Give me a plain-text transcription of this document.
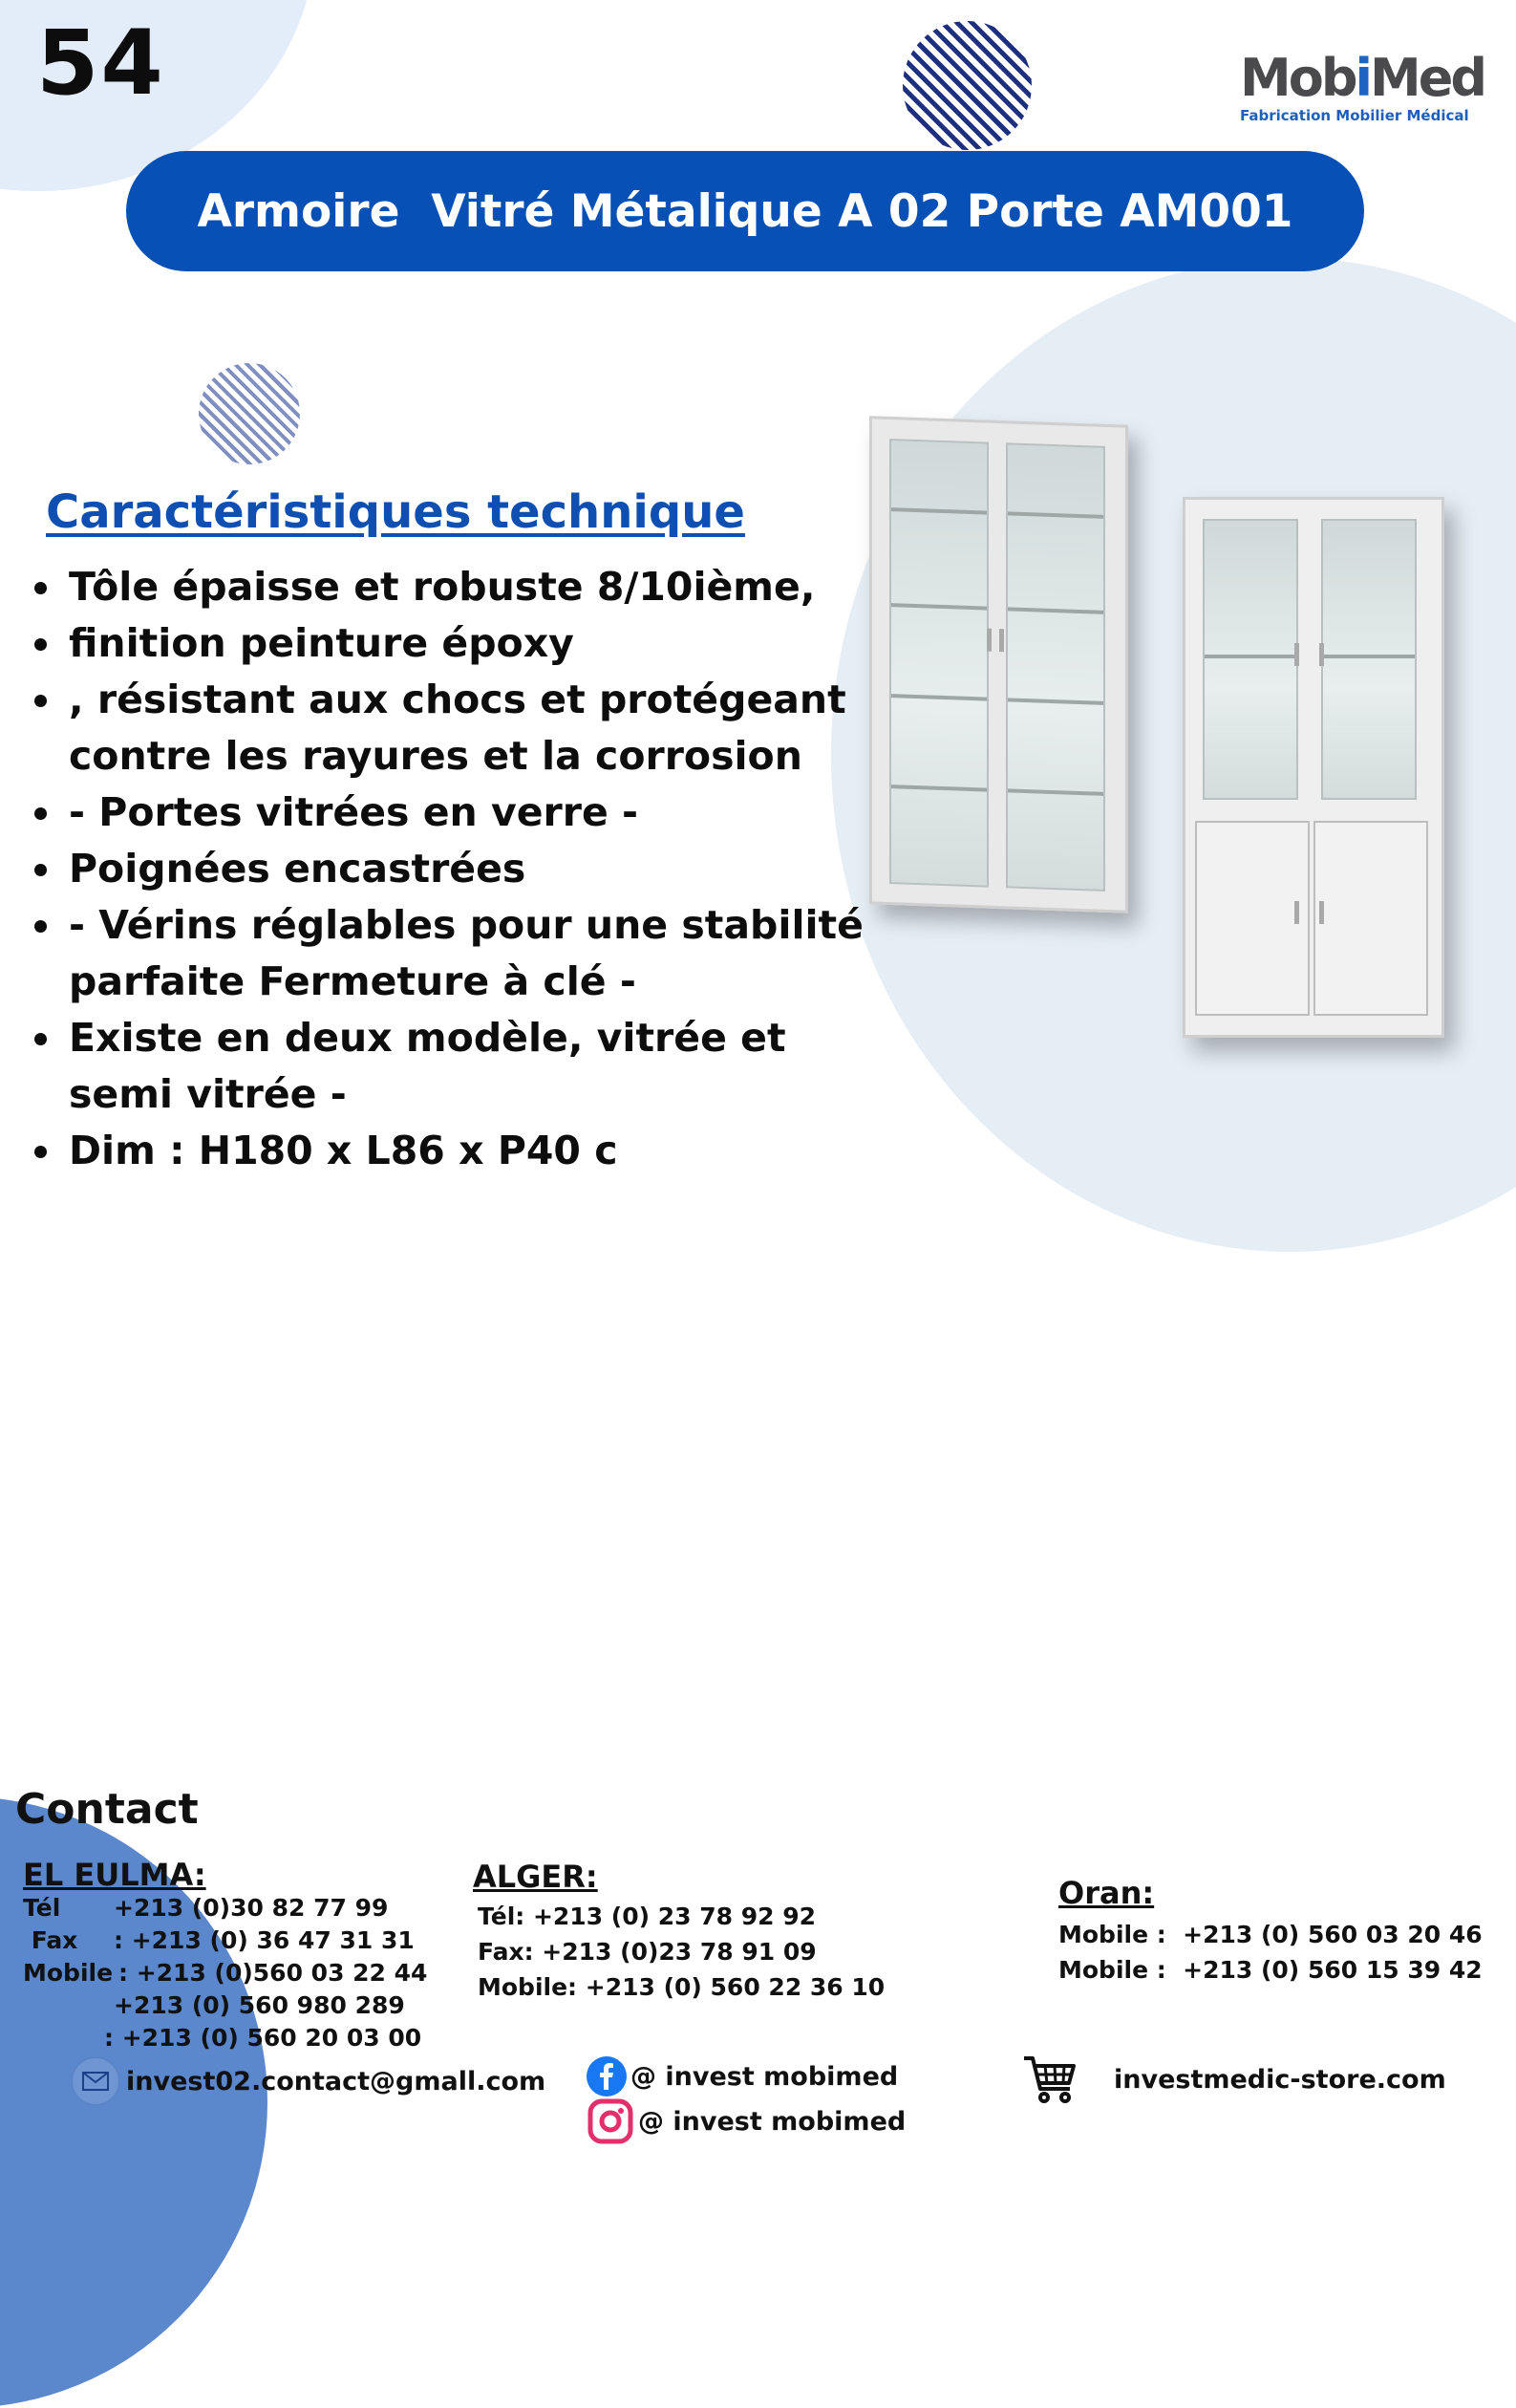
54	MobiMed
Fabrication Mobilier Médical
Armoire  Vitré Métalique A 02 Porte AM001
Caractéristiques technique
Tôle épaisse et robuste 8/10ième,
finition peinture époxy
, résistant aux chocs et protégeant contre les rayures et la corrosion
- Portes vitrées en verre -
Poignées encastrées
- Vérins réglables pour une stabilité parfaite Fermeture à clé -
Existe en deux modèle, vitrée et semi vitrée -
Dim : H180 x L86 x P40 c
Contact
EL EULMA:
Tél	+213 (0)30 82 77 99
Fax	: +213 (0) 36 47 31 31
Mobile : +213 (0)560 03 22 44
+213 (0) 560 980 289
: +213 (0) 560 20 03 00
ALGER:
Tél: +213 (0) 23 78 92 92
Fax: +213 (0)23 78 91 09
Mobile: +213 (0) 560 22 36 10
Oran:
Mobile :  +213 (0) 560 03 20 46
Mobile :  +213 (0) 560 15 39 42
invest02.contact@gmall.com	@ invest mobimed
@ invest mobimed
investmedic-store.com
